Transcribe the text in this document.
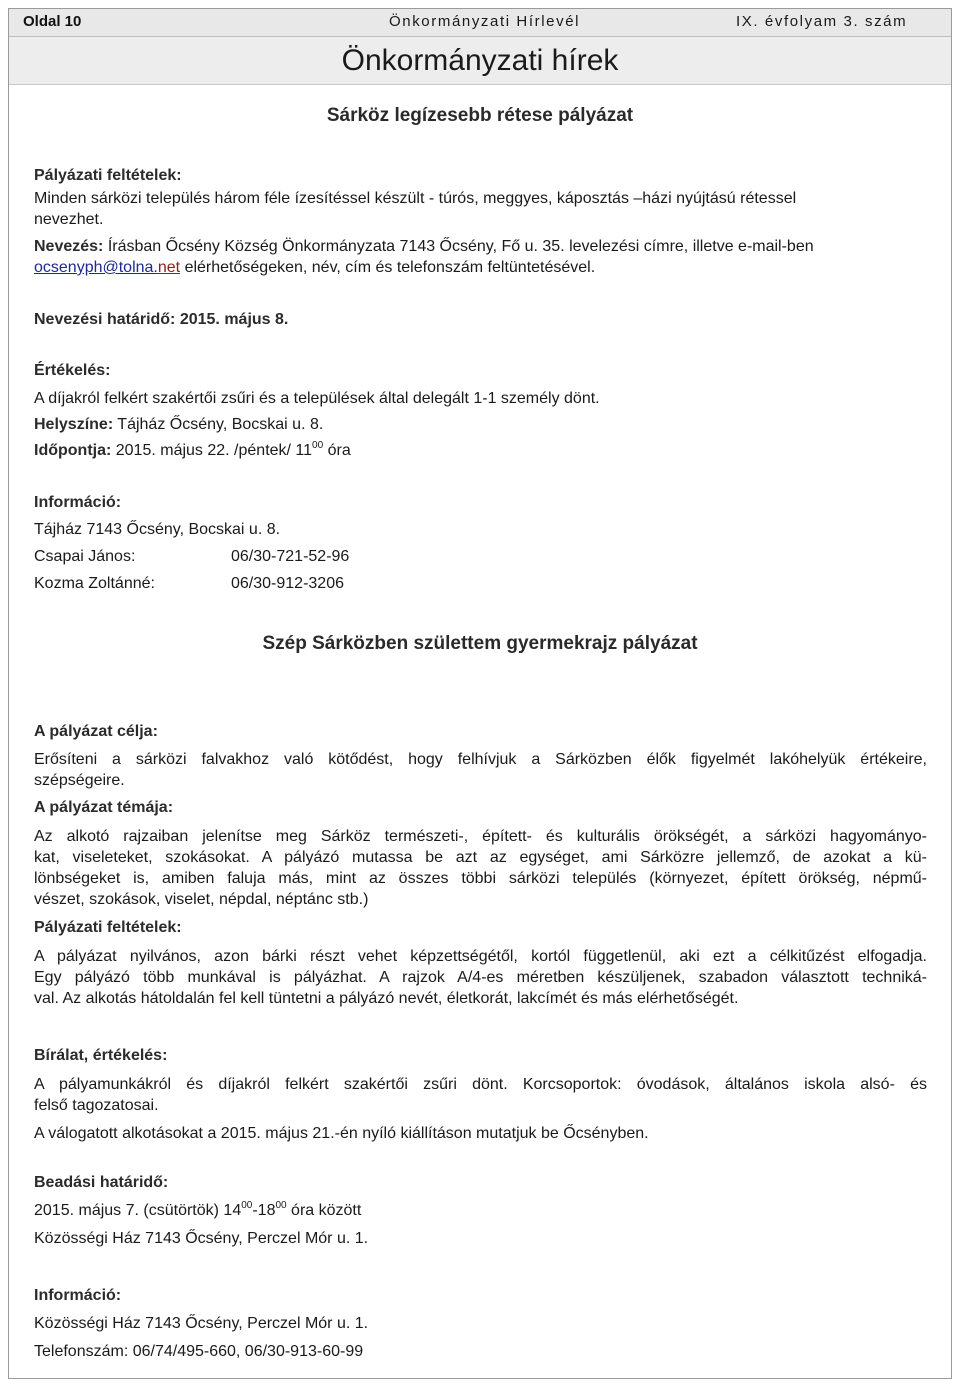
Oldal 10	Önkormányzati Hírlevél	IX. évfolyam 3. szám
Önkormányzati hírek
Sárköz legízesebb rétese pályázat
Pályázati feltételek:
Minden sárközi település három féle ízesítéssel készült - túrós, meggyes, káposztás –házi nyújtású rétessel
nevezhet.
Nevezés: Írásban Őcsény Község Önkormányzata 7143 Őcsény, Fő u. 35. levelezési címre, illetve e-mail-ben
ocsenyph@tolna.net elérhetőségeken, név, cím és telefonszám feltüntetésével.
Nevezési határidő: 2015. május 8.
Értékelés:
A díjakról felkért szakértői zsűri és a települések által delegált 1-1 személy dönt.
Helyszíne: Tájház Őcsény, Bocskai u. 8.
Időpontja: 2015. május 22. /péntek/ $11^{00}$ óra
Információ:
Tájház 7143 Őcsény, Bocskai u. 8.
Csapai János:	06/30-721-52-96
Kozma Zoltánné:	06/30-912-3206
Szép Sárközben születtem gyermekrajz pályázat
A pályázat célja:
Erősíteni a sárközi falvakhoz való kötődést, hogy felhívjuk a Sárközben élők figyelmét lakóhelyük értékeire,
szépségeire.
A pályázat témája:
Az alkotó rajzaiban jelenítse meg Sárköz természeti-, épített- és kulturális örökségét, a sárközi hagyományo-
kat, viseleteket, szokásokat. A pályázó mutassa be azt az egységet, ami Sárközre jellemző, de azokat a kü-
lönbségeket is, amiben faluja más, mint az összes többi sárközi település (környezet, épített örökség, népmű-
vészet, szokások, viselet, népdal, néptánc stb.)
Pályázati feltételek:
A pályázat nyilvános, azon bárki részt vehet képzettségétől, kortól függetlenül, aki ezt a célkitűzést elfogadja.
Egy pályázó több munkával is pályázhat. A rajzok A/4-es méretben készüljenek, szabadon választott techniká-
val. Az alkotás hátoldalán fel kell tüntetni a pályázó nevét, életkorát, lakcímét és más elérhetőségét.
Bírálat, értékelés:
A pályamunkákról és díjakról felkért szakértői zsűri dönt. Korcsoportok: óvodások, általános iskola alsó- és
felső tagozatosai.
A válogatott alkotásokat a 2015. május 21.-én nyíló kiállításon mutatjuk be Őcsényben.
Beadási határidő:
2015. május 7. (csütörtök) $14^{00}-18^{00}$ óra között
Közösségi Ház 7143 Őcsény, Perczel Mór u. 1.
Információ:
Közösségi Ház 7143 Őcsény, Perczel Mór u. 1.
Telefonszám: 06/74/495-660, 06/30-913-60-99
